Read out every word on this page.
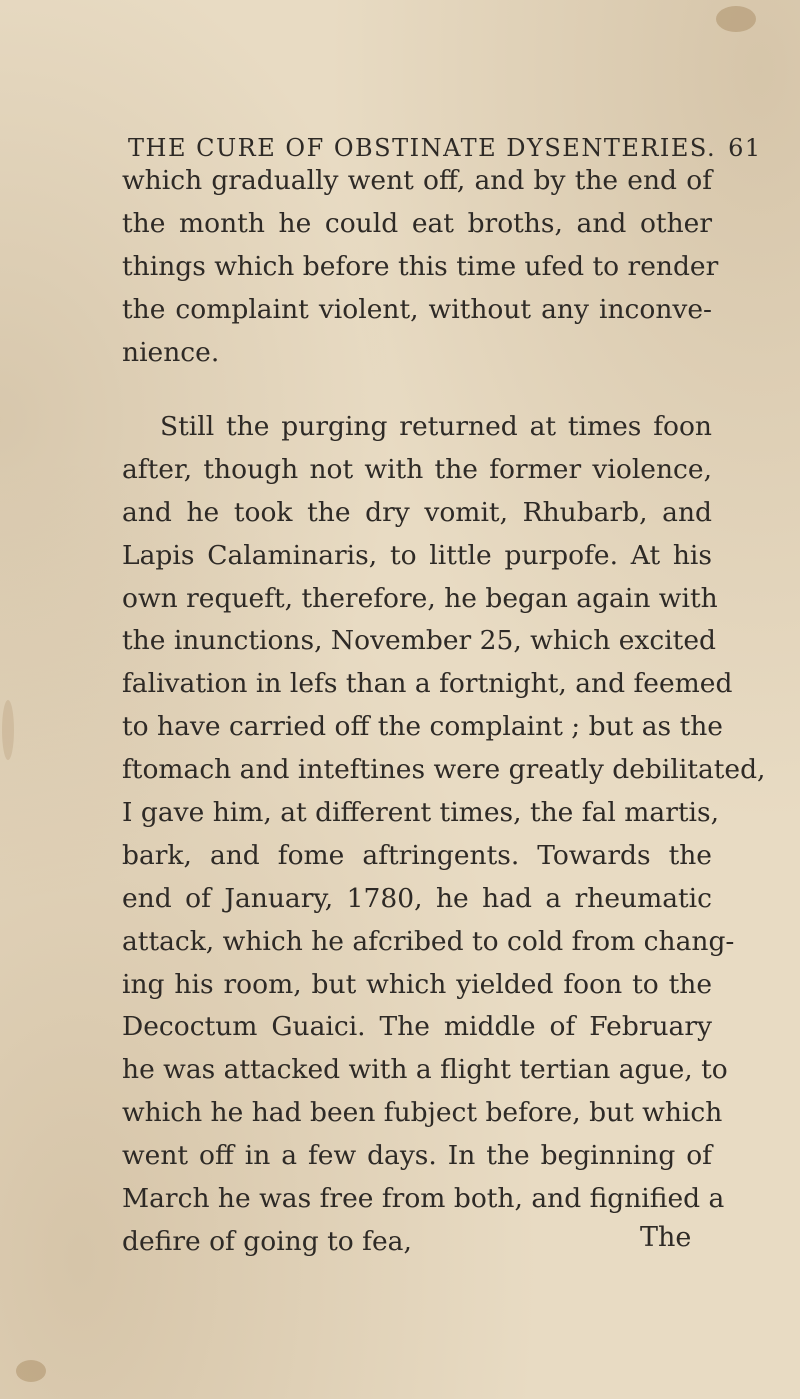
THE CURE OF OBSTINATE DYSENTERIES. 61
which gradually went off, and by the end of
the month he could eat broths, and other
things which before this time ufed to render
the complaint violent, without any inconve-
nience.
Still the purging returned at times foon
after, though not with the former violence,
and he took the dry vomit, Rhubarb, and
Lapis Calaminaris, to little purpofe. At his
own requeft, therefore, he began again with
the inunctions, November 25, which excited
falivation in lefs than a fortnight, and feemed
to have carried off the complaint ; but as the
ftomach and inteftines were greatly debilitated,
I gave him, at different times, the fal martis,
bark, and fome aftringents. Towards the
end of January, 1780, he had a rheumatic
attack, which he afcribed to cold from chang-
ing his room, but which yielded foon to the
Decoctum Guaici. The middle of February
he was attacked with a flight tertian ague, to
which he had been fubject before, but which
went off in a few days. In the beginning of
March he was free from both, and fignified a
defire of going to fea,	The
